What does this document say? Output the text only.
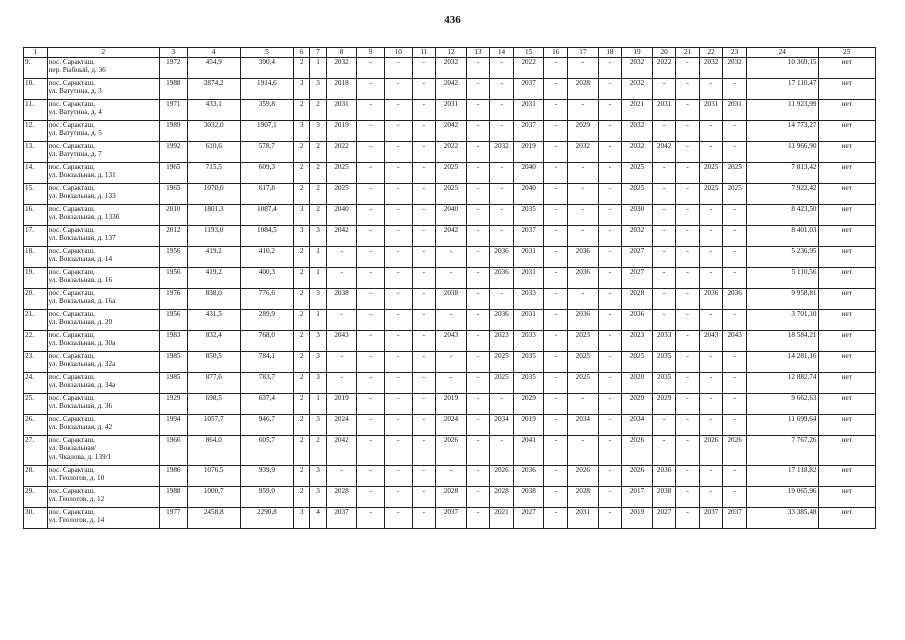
436
1	2	3	4	5	6	7	8	9	10	11	12	13	14	15	16	17	18	19	20	21	22	23	24	25
9.	пос. Саракташ,
пер. Рыбный, д. 36	1972	454,9	390,4	2	1	2032	-	-	-	2032	-	-	2022	-	-	-	2032	2022	-	2032	2032	10 369,15	нет
10.	пос. Саракташ,
ул. Ватутина, д. 3	1988	2874,2	1914,6	3	3	2018	-	-	-	2042	-	-	2037	-	2028	-	2032	-	-	-	-	17 110,47	нет
11.	пос. Саракташ,
ул. Ватутина, д. 4	1971	433,1	359,8	2	2	2031	-	-	-	2031	-	-	2031	-	-	-	2021	2031	-	2031	2031	11 923,99	нет
12.	пос. Саракташ,
ул. Ватутина, д. 5	1989	3032,0	1907,1	3	3	2019	-	-	-	2042	-	-	2037	-	2029	-	2032	-	-	-	-	14 773,27	нет
13.	пос. Саракташ,
ул. Ватутина, д. 7	1992	610,6	578,7	2	2	2022	-	-	-	2022	-	2032	2019	-	2032	-	2032	2042	-	-	-	11 966,90	нет
14.	пос. Саракташ,
ул. Вокзальная, д. 131	1965	715,5	609,3	2	2	2025	-	-	-	2025	-	-	2040	-	-	-	2025	-	-	2025	2025	7 813,42	нет
15.	пос. Саракташ,
ул. Вокзальная, д. 133	1965	1070,0	617,8	2	2	2025	-	-	-	2025	-	-	2040	-	-	-	2025	-	-	2025	2025	7 922,42	нет
16.	пос. Саракташ,
ул. Вокзальная, д. 133б	2010	1801,3	1087,4	3	2	2040	-	-	-	2040	-	-	2035	-	-	-	2030	-	-	-	-	8 423,50	нет
17.	пос. Саракташ,
ул. Вокзальная, д. 137	2012	1193,0	1084,5	3	3	2042	-	-	-	2042	-	-	2037	-	-	-	2032	-	-	-	-	8 401,03	нет
18.	пос. Саракташ,
ул. Вокзальная, д. 14	1956	419,2	410,2	2	1	-	-	-	-	-	-	2036	2031	-	2036	-	2027	-	-	-	-	5 236,95	нет
19.	пос. Саракташ,
ул. Вокзальная, д. 16	1956	419,2	400,3	2	1	-	-	-	-	-	-	2036	2031	-	2036	-	2027	-	-	-	-	5 110,56	нет
20.	пос. Саракташ,
ул. Вокзальная, д. 16а	1976	838,0	776,6	2	3	2038	-	-	-	2038	-	-	2033	-	-	-	2028	-	-	2036	2036	9 958,81	нет
21.	пос. Саракташ,
ул. Вокзальная, д. 20	1956	431,5	289,9	2	1	-	-	-	-	-	-	2036	2031	-	2036	-	2036	-	-	-	-	3 701,10	нет
22.	пос. Саракташ,
ул. Вокзальная, д. 30а	1983	832,4	768,0	2	3	2043	-	-	-	2043	-	2023	2033	-	2023	-	2023	2033	-	2043	2043	18 584,21	нет
23.	пос. Саракташ,
ул. Вокзальная, д. 32а	1985	850,5	784,1	2	3	-	-	-	-	-	-	2025	2035	-	2025	-	2025	2035	-	-	-	14 281,16	нет
24.	пос. Саракташ,
ул. Вокзальная, д. 34а	1985	877,6	783,7	2	3	-	-	-	-	-	-	2025	2035	-	2025	-	2020	2035	-	-	-	12 882,74	нет
25.	пос. Саракташ,
ул. Вокзальная, д. 36	1929	698,5	637,4	2	1	2019	-	-	-	2019	-	-	2029	-	-	-	2029	2029	-	-	-	9 662,63	нет
26.	пос. Саракташ,
ул. Вокзальная, д. 42	1994	1057,7	946,7	2	3	2024	-	-	-	2024	-	2034	2019	-	2034	-	2034	-	-	-	-	11 699,64	нет
27.	пос. Саракташ,
ул. Вокзальная/
ул. Чкалова, д. 139/1	1966	864,0	605,7	2	2	2042	-	-	-	2026	-	-	2041	-	-	-	2026	-	-	2026	2026	7 767,26	нет
28.	пос. Саракташ,
ул. Геологов, д. 10	1986	1076,5	939,9	2	3	-	-	-	-	-	-	2026	2036	-	2026	-	2026	2036	-	-	-	17 118,82	нет
29.	пос. Саракташ,
ул. Геологов, д. 12	1988	1000,7	959,0	2	3	2028	-	-	-	2028	-	2028	2038	-	2028	-	2017	2038	-	-	-	19 065,96	нет
30.	пос. Саракташ,
ул. Геологов, д. 14	1977	2458,8	2290,8	3	4	2037	-	-	-	2037	-	2021	2027	-	2031	-	2019	2027	-	2037	2037	33 385,48	нет
